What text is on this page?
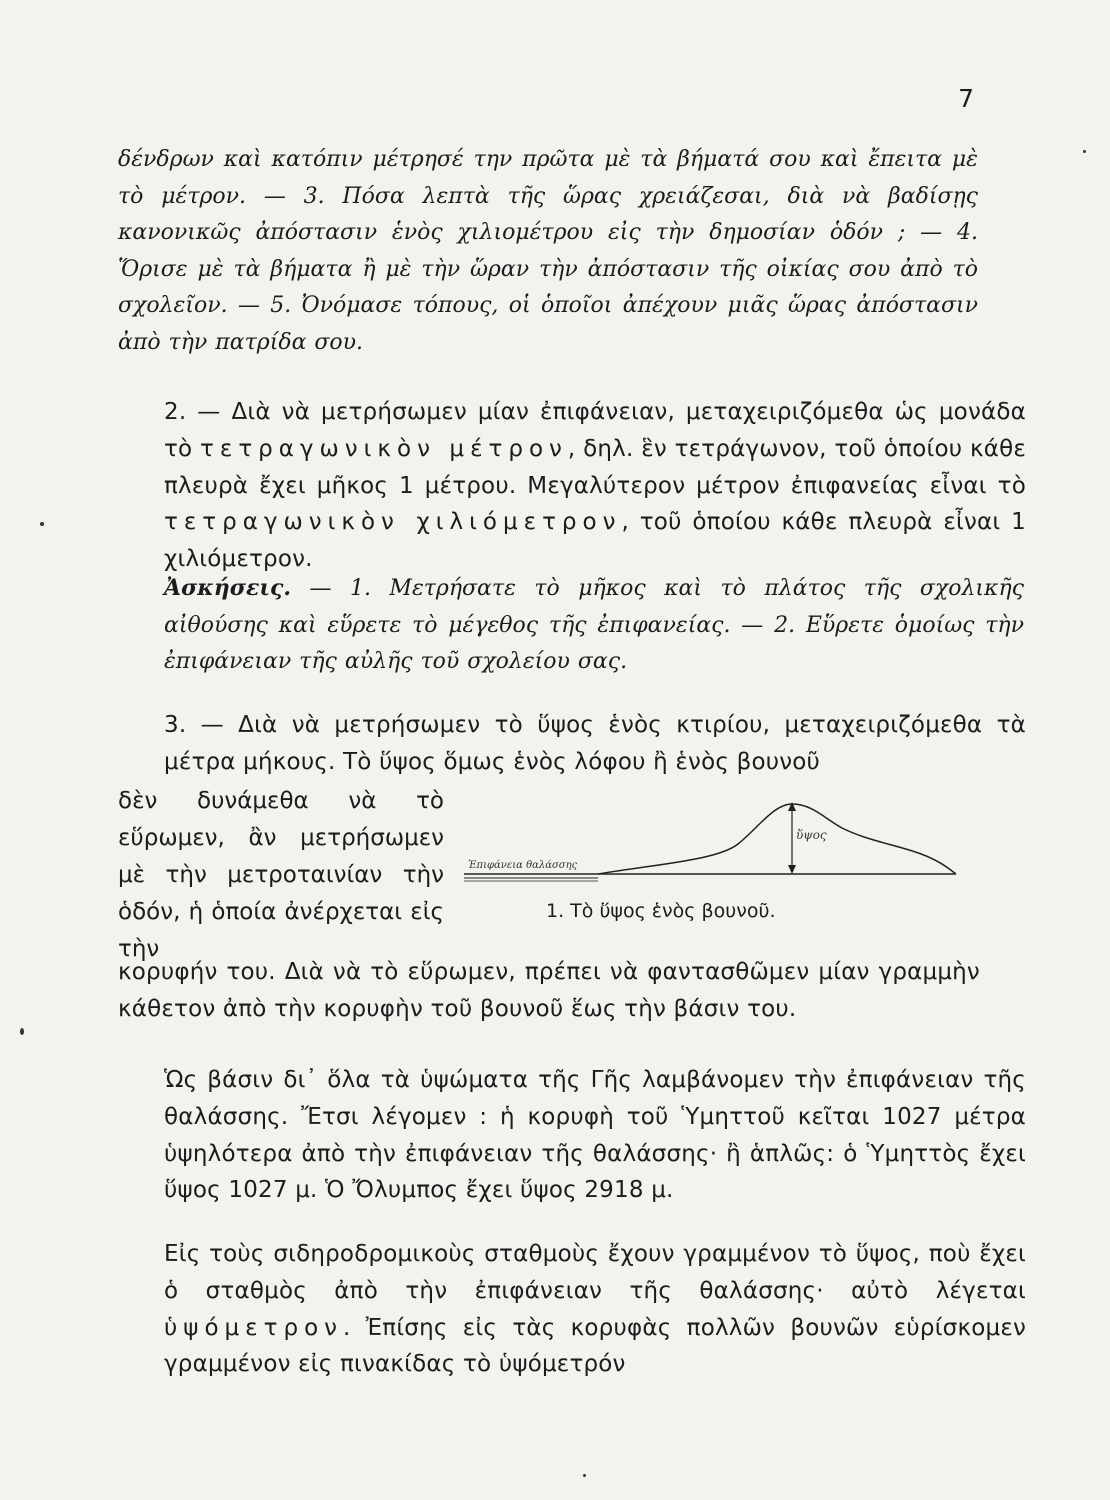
7

δένδρων καὶ κατόπιν μέτρησέ την πρῶτα μὲ τὰ βήματά σου καὶ ἔπειτα μὲ τὸ μέτρον. — 3. Πόσα λεπτὰ τῆς ὥρας χρειάζεσαι, διὰ νὰ βαδίσῃς κανονικῶς ἀπόστασιν ἑνὸς χιλιομέτρου εἰς τὴν δημοσίαν ὁδόν ; — 4. Ὅρισε μὲ τὰ βήματα ἢ μὲ τὴν ὥραν τὴν ἀπόστασιν τῆς οἰκίας σου ἀπὸ τὸ σχολεῖον. — 5. Ὀνόμασε τόπους, οἱ ὁποῖοι ἀπέχουν μιᾶς ὥρας ἀπόστασιν ἀπὸ τὴν πατρίδα σου.

2. — Διὰ νὰ μετρήσωμεν μίαν ἐπιφάνειαν, μεταχειριζόμεθα ὡς μονάδα τὸ τετραγωνικὸν μέτρον, δηλ. ἓν τετράγωνον, τοῦ ὁποίου κάθε πλευρὰ ἔχει μῆκος 1 μέτρου. Μεγαλύτερον μέτρον ἐπιφανείας εἶναι τὸ τετραγωνικὸν χιλιόμετρον, τοῦ ὁποίου κάθε πλευρὰ εἶναι 1 χιλιόμετρον.

Ἀσκήσεις. — 1. Μετρήσατε τὸ μῆκος καὶ τὸ πλάτος τῆς σχολικῆς αἰθούσης καὶ εὕρετε τὸ μέγεθος τῆς ἐπιφανείας. — 2. Εὕρετε ὁμοίως τὴν ἐπιφάνειαν τῆς αὐλῆς τοῦ σχολείου σας.

3. — Διὰ νὰ μετρήσωμεν τὸ ὕψος ἑνὸς κτιρίου, μεταχειριζόμεθα τὰ μέτρα μήκους. Τὸ ὕψος ὅμως ἑνὸς λόφου ἢ ἑνὸς βουνοῦ

δὲν δυνάμεθα νὰ τὸ εὕρωμεν, ἂν μετρήσωμεν μὲ τὴν μετροταινίαν τὴν ὁδόν, ἡ ὁποία ἀνέρχεται εἰς τὴν

Ἐπιφάνεια θαλάσσης
ὕψος
1. Τὸ ὕψος ἑνὸς βουνοῦ.

κορυφήν του. Διὰ νὰ τὸ εὕρωμεν, πρέπει νὰ φαντασθῶμεν μίαν γραμμὴν κάθετον ἀπὸ τὴν κορυφὴν τοῦ βουνοῦ ἕως τὴν βάσιν του.

Ὡς βάσιν δι᾽ ὅλα τὰ ὑψώματα τῆς Γῆς λαμβάνομεν τὴν ἐπιφάνειαν τῆς θαλάσσης. Ἔτσι λέγομεν : ἡ κορυφὴ τοῦ Ὑμηττοῦ κεῖται 1027 μέτρα ὑψηλότερα ἀπὸ τὴν ἐπιφάνειαν τῆς θαλάσσης· ἢ ἁπλῶς: ὁ Ὑμηττὸς ἔχει ὕψος 1027 μ. Ὁ Ὄλυμπος ἔχει ὕψος 2918 μ.

Εἰς τοὺς σιδηροδρομικοὺς σταθμοὺς ἔχουν γραμμένον τὸ ὕψος, ποὺ ἔχει ὁ σταθμὸς ἀπὸ τὴν ἐπιφάνειαν τῆς θαλάσσης· αὐτὸ λέγεται ὑψόμετρον. Ἐπίσης εἰς τὰς κορυφὰς πολλῶν βουνῶν εὑρίσκομεν γραμμένον εἰς πινακίδας τὸ ὑψόμετρόν
